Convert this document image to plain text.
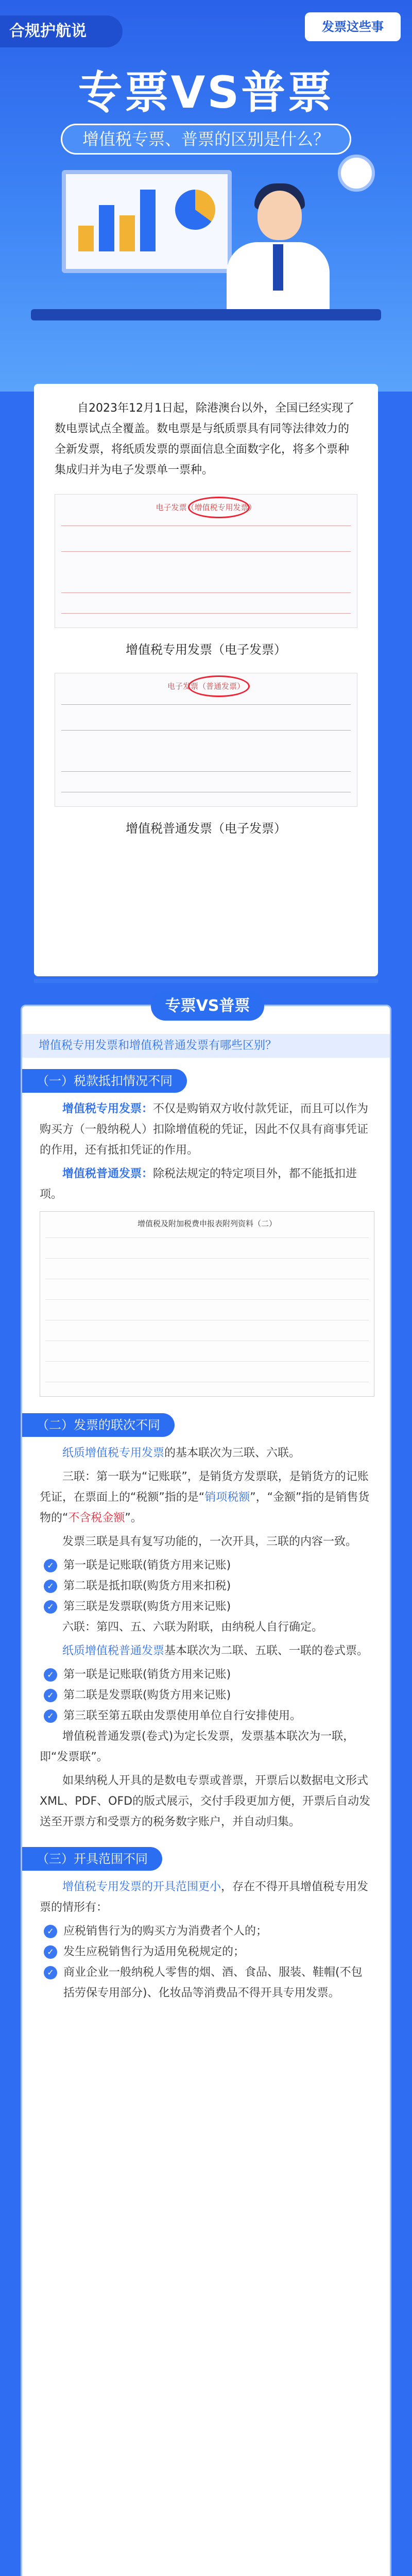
合规护航说	发票这些事
专票VS普票
增值税专票、普票的区别是什么？

自2023年12月1日起，除港澳台以外，全国已经实现了数电票试点全覆盖。数电票是与纸质票具有同等法律效力的全新发票，将纸质发票的票面信息全面数字化，将多个票种集成归并为电子发票单一票种。

电子发票（增值税专用发票）
增值税专用发票（电子发票）
电子发票（普通发票）
增值税普通发票（电子发票）
专票VS普票
增值税专用发票和增值税普通发票有哪些区别？
（一）税款抵扣情况不同

增值税专用发票：不仅是购销双方收付款凭证，而且可以作为购买方（一般纳税人）扣除增值税的凭证，因此不仅具有商事凭证的作用，还有抵扣凭证的作用。

增值税普通发票：除税法规定的特定项目外，都不能抵扣进项。

增值税及附加税费申报表附列资料（二）
（二）发票的联次不同

纸质增值税专用发票的基本联次为三联、六联。

三联：第一联为“记账联”，是销货方发票联，是销货方的记账凭证，在票面上的“税额”指的是“销项税额”，“金额”指的是销售货物的“不含税金额”。

发票三联是具有复写功能的，一次开具，三联的内容一致。

✓ 第一联是记账联(销货方用来记账)
✓ 第二联是抵扣联(购货方用来扣税)
✓ 第三联是发票联(购货方用来记账)

六联：第四、五、六联为附联，由纳税人自行确定。

纸质增值税普通发票基本联次为二联、五联、一联的卷式票。

✓ 第一联是记账联(销货方用来记账)
✓ 第二联是发票联(购货方用来记账)
✓ 第三联至第五联由发票使用单位自行安排使用。

增值税普通发票(卷式)为定长发票，发票基本联次为一联，即“发票联”。

如果纳税人开具的是数电专票或普票，开票后以数据电文形式XML、PDF、OFD的版式展示，交付手段更加方便，开票后自动发送至开票方和受票方的税务数字账户，并自动归集。

（三）开具范围不同

增值税专用发票的开具范围更小，存在不得开具增值税专用发票的情形有：

✓ 应税销售行为的购买方为消费者个人的；
✓ 发生应税销售行为适用免税规定的；
✓ 商业企业一般纳税人零售的烟、酒、食品、服装、鞋帽(不包括劳保专用部分)、化妆品等消费品不得开具专用发票。
